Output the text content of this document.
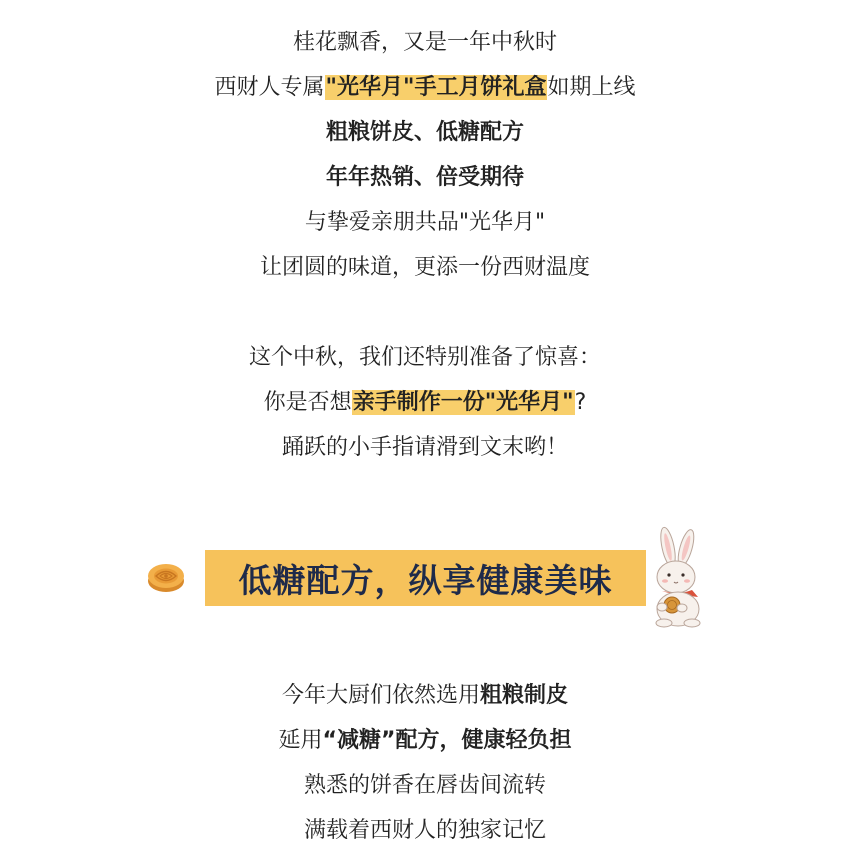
桂花飘香，又是一年中秋时
西财人专属"光华月"手工月饼礼盒如期上线
粗粮饼皮、低糖配方
年年热销、倍受期待
与挚爱亲朋共品"光华月"
让团圆的味道，更添一份西财温度
这个中秋，我们还特别准备了惊喜：
你是否想亲手制作一份"光华月"?
踊跃的小手指请滑到文末哟！
低糖配方，纵享健康美味
今年大厨们依然选用粗粮制皮
延用“减糖”配方，健康轻负担
熟悉的饼香在唇齿间流转
满载着西财人的独家记忆
